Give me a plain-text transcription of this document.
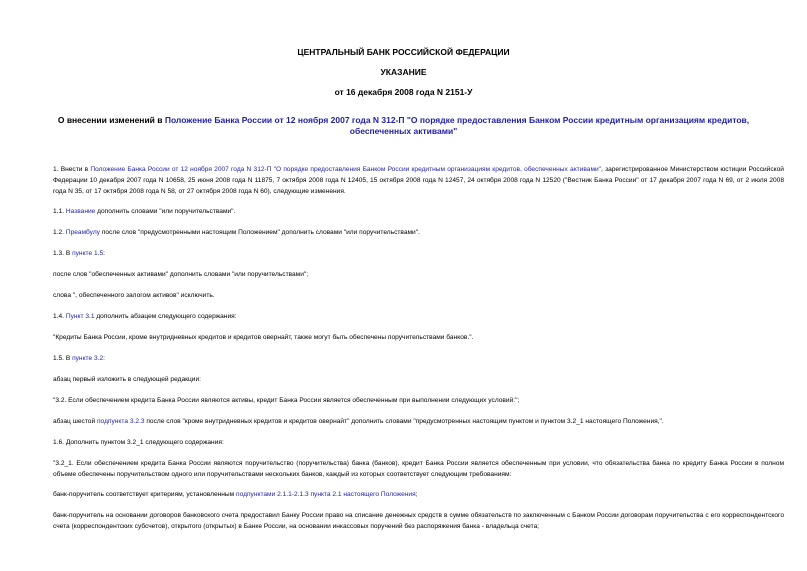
ЦЕНТРАЛЬНЫЙ БАНК РОССИЙСКОЙ ФЕДЕРАЦИИ
УКАЗАНИЕ
от 16 декабря 2008 года N 2151-У
О внесении изменений в Положение Банка России от 12 ноября 2007 года N 312-П "О порядке предоставления Банком России кредитным организациям кредитов, обеспеченных активами"
1. Внести в Положение Банка России от 12 ноября 2007 года N 312-П "О порядке предоставления Банком России кредитным организациям кредитов, обеспеченных активами", зарегистрированное Министерством юстиции Российской Федерации 10 декабря 2007 года N 10658, 25 июня 2008 года N 11875, 7 октября 2008 года N 12405, 15 октября 2008 года N 12457, 24 октября 2008 года N 12520 ("Вестник Банка России" от 17 декабря 2007 года N 69, от 2 июля 2008 года N 35, от 17 октября 2008 года N 58, от 27 октября 2008 года N 60), следующие изменения.
1.1. Название дополнить словами "или поручительствами".
1.2. Преамбулу после слов "предусмотренными настоящим Положением" дополнить словами "или поручительствами".
1.3. В пункте 1.5:
после слов "обеспеченных активами" дополнить словами "или поручительствами";
слова ", обеспеченного залогом активов" исключить.
1.4. Пункт 3.1 дополнить абзацем следующего содержания:
"Кредиты Банка России, кроме внутридневных кредитов и кредитов овернайт, также могут быть обеспечены поручительствами банков.".
1.5. В пункте 3.2:
абзац первый изложить в следующей редакции:
"3.2. Если обеспечением кредита Банка России являются активы, кредит Банка России является обеспеченным при выполнении следующих условий:";
абзац шестой подпункта 3.2.3 после слов "кроме внутридневных кредитов и кредитов овернайт" дополнить словами "предусмотренных настоящим пунктом и пунктом 3.2_1 настоящего Положения,".
1.6. Дополнить пунктом 3.2_1 следующего содержания:
"3.2_1. Если обеспечением кредита Банка России являются поручительство (поручительства) банка (банков), кредит Банка России является обеспеченным при условии, что обязательства банка по кредиту Банка России в полном объеме обеспечены поручительством одного или поручительствами нескольких банков, каждый из которых соответствует следующим требованиям:
банк-поручитель соответствует критериям, установленным подпунктами 2.1.1-2.1.3 пункта 2.1 настоящего Положения;
банк-поручитель на основании договоров банковского счета предоставил Банку России право на списание денежных средств в сумме обязательств по заключенным с Банком России договорам поручительства с его корреспондентского счета (корреспондентских субсчетов), открытого (открытых) в Банке России, на основании инкассовых поручений без распоряжения банка - владельца счета;
